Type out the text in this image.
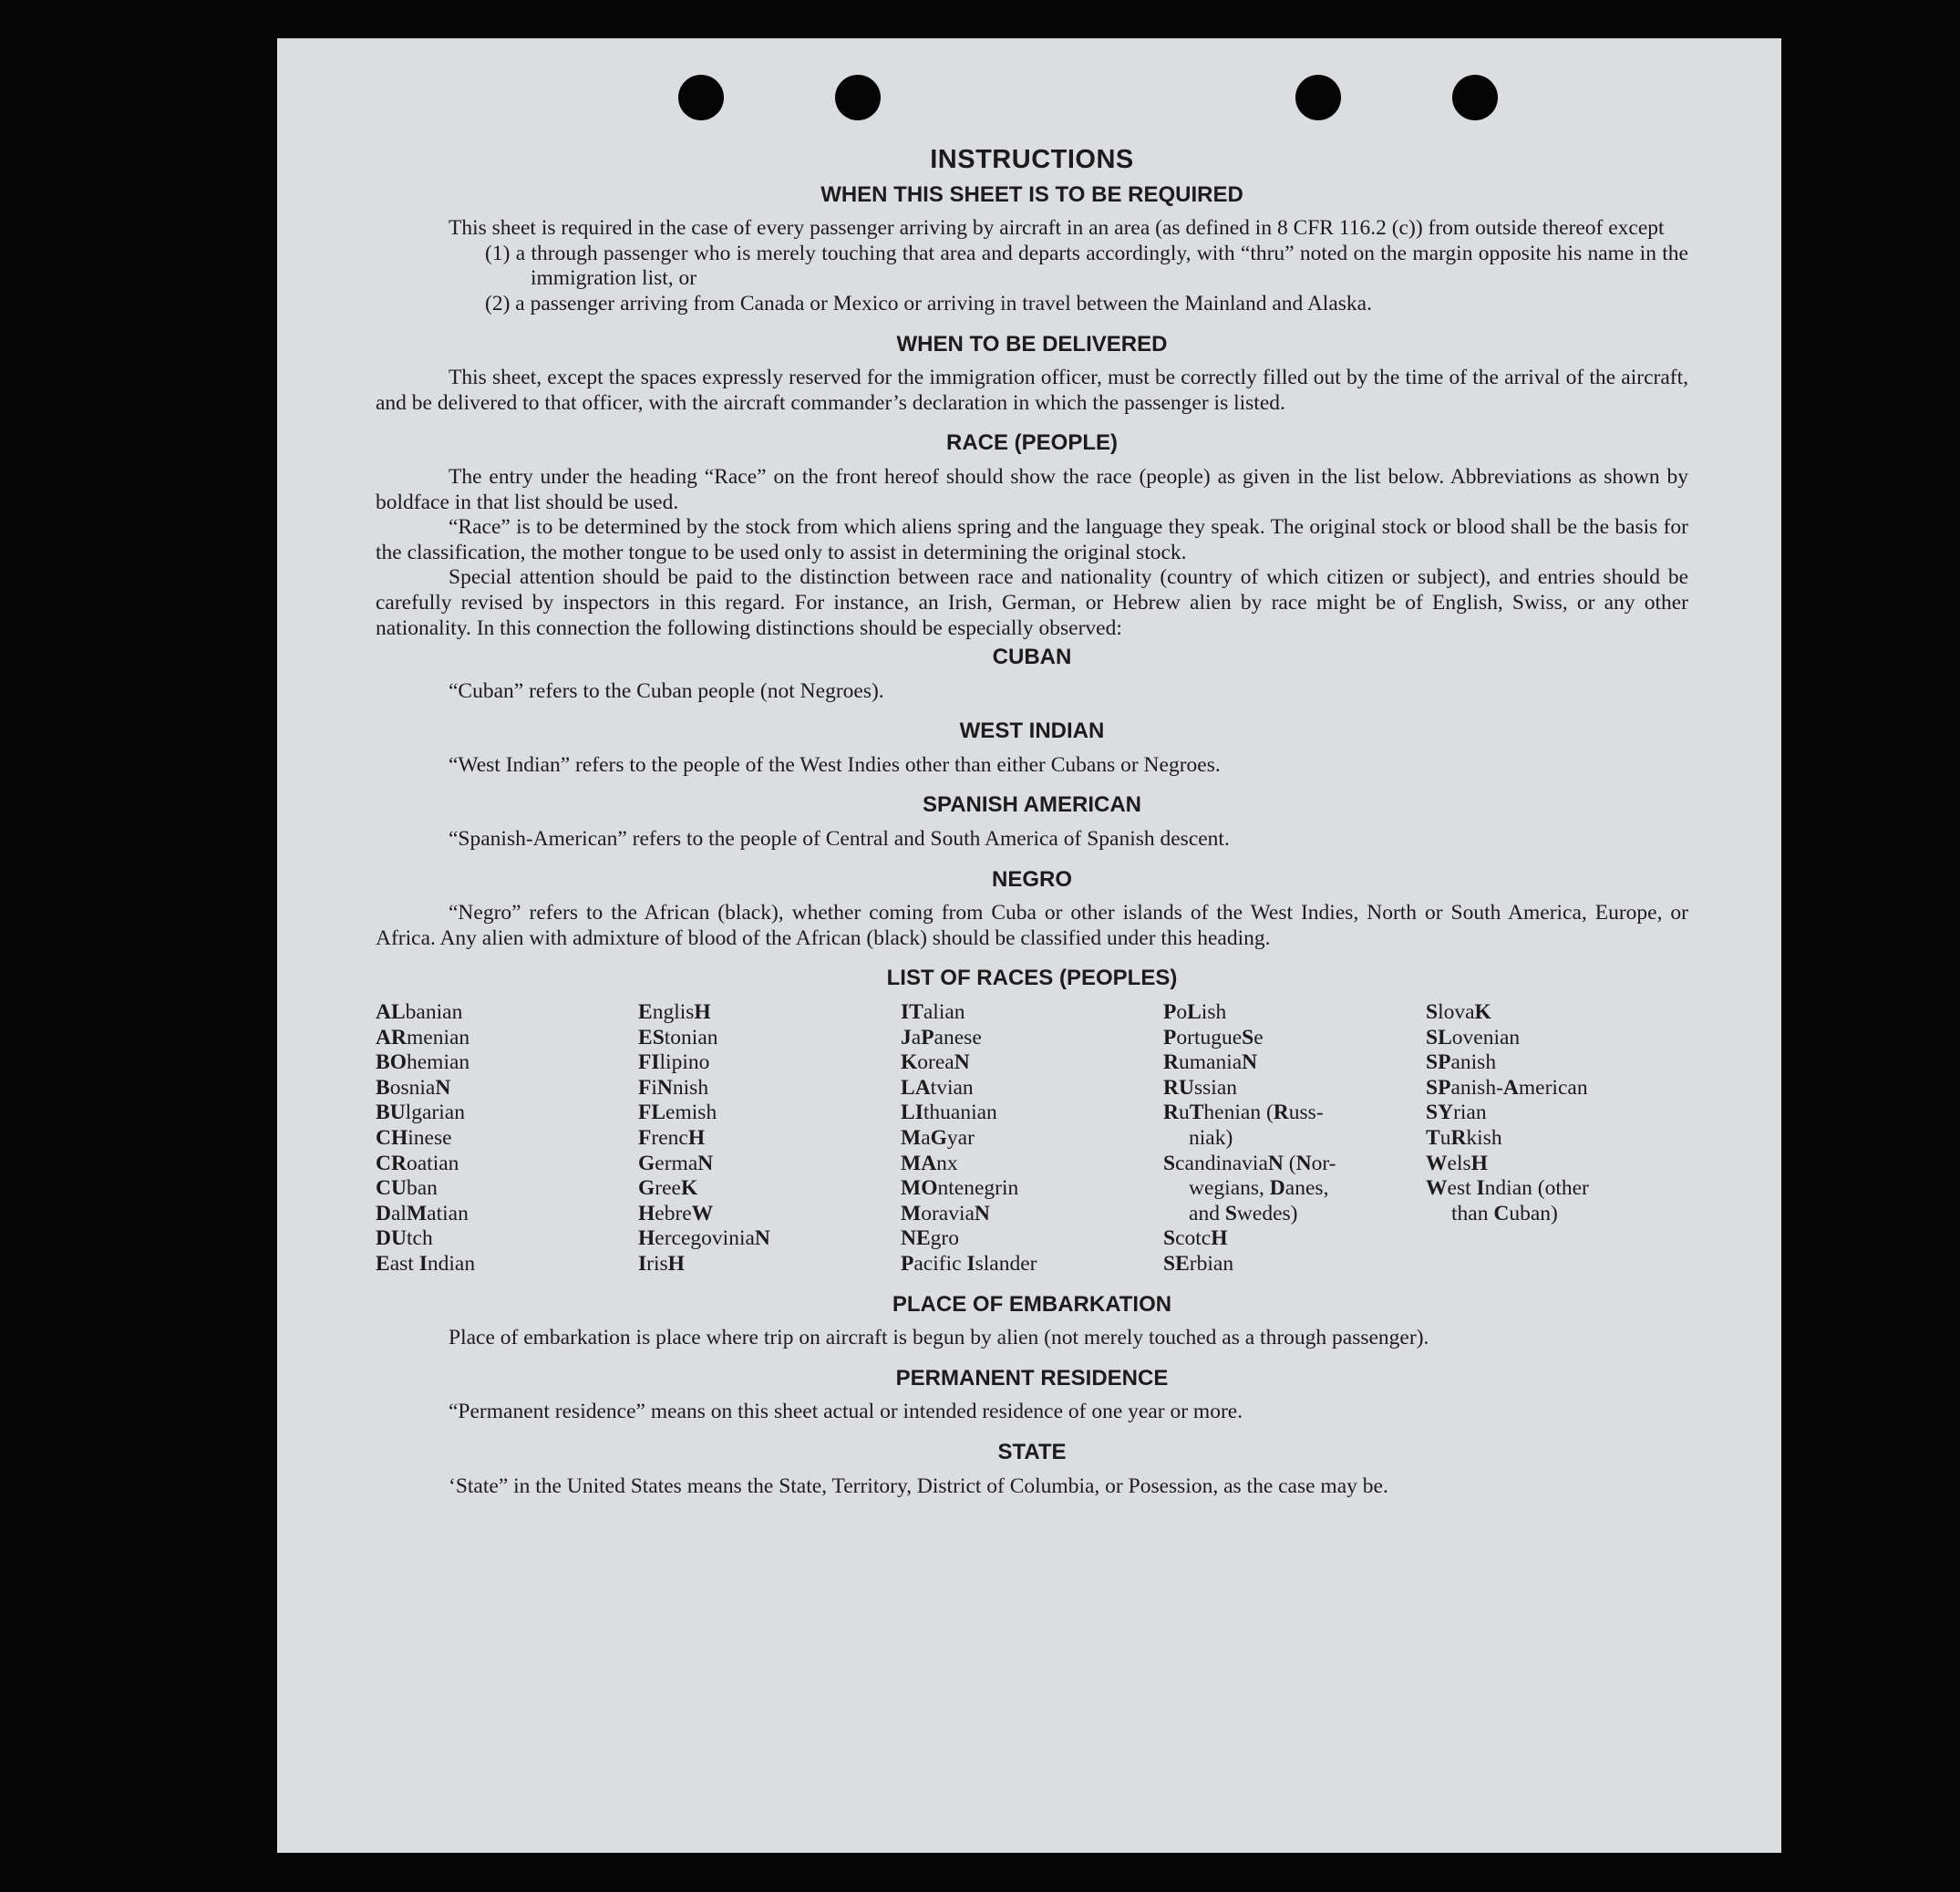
INSTRUCTIONS
WHEN THIS SHEET IS TO BE REQUIRED

This sheet is required in the case of every passenger arriving by aircraft in an area (as defined in 8 CFR 116.2 (c)) from outside thereof except

(1) a through passenger who is merely touching that area and departs accordingly, with “thru” noted on the margin opposite his name in the immigration list, or

(2) a passenger arriving from Canada or Mexico or arriving in travel between the Mainland and Alaska.

WHEN TO BE DELIVERED

This sheet, except the spaces expressly reserved for the immigration officer, must be correctly filled out by the time of the arrival of the aircraft, and be delivered to that officer, with the aircraft commander’s declaration in which the passenger is listed.

RACE (PEOPLE)

The entry under the heading “Race” on the front hereof should show the race (people) as given in the list below. Abbreviations as shown by boldface in that list should be used.

“Race” is to be determined by the stock from which aliens spring and the language they speak. The original stock or blood shall be the basis for the classification, the mother tongue to be used only to assist in determining the original stock.

Special attention should be paid to the distinction between race and nationality (country of which citizen or subject), and entries should be carefully revised by inspectors in this regard. For instance, an Irish, German, or Hebrew alien by race might be of English, Swiss, or any other nationality. In this connection the following distinctions should be especially observed:

CUBAN

“Cuban” refers to the Cuban people (not Negroes).

WEST INDIAN

“West Indian” refers to the people of the West Indies other than either Cubans or Negroes.

SPANISH AMERICAN

“Spanish-American” refers to the people of Central and South America of Spanish descent.

NEGRO

“Negro” refers to the African (black), whether coming from Cuba or other islands of the West Indies, North or South America, Europe, or Africa. Any alien with admixture of blood of the African (black) should be classified under this heading.

LIST OF RACES (PEOPLES)
ALbanian
ARmenian
BOhemian
BosniaN
BUlgarian
CHinese
CRoatian
CUban
DalMatian
DUtch
East Indian
EnglisH
EStonian
FIlipino
FiNnish
FLemish
FrencH
GermaN
GreeK
HebreW
HercegoviniaN
IrisH
ITalian
JaPanese
KoreaN
LAtvian
LIthuanian
MaGyar
MAnx
MOntenegrin
MoraviaN
NEgro
Pacific Islander
PoLish
PortugueSe
RumaniaN
RUssian
RuThenian (Russ-
niak)
ScandinaviaN (Nor-
wegians, Danes,
and Swedes)
ScotcH
SErbian
SlovaK
SLovenian
SPanish
SPanish-American
SYrian
TuRkish
WelsH
West Indian (other
than Cuban)
PLACE OF EMBARKATION

Place of embarkation is place where trip on aircraft is begun by alien (not merely touched as a through passenger).

PERMANENT RESIDENCE

“Permanent residence” means on this sheet actual or intended residence of one year or more.

STATE

‘State” in the United States means the State, Territory, District of Columbia, or Posession, as the case may be.
